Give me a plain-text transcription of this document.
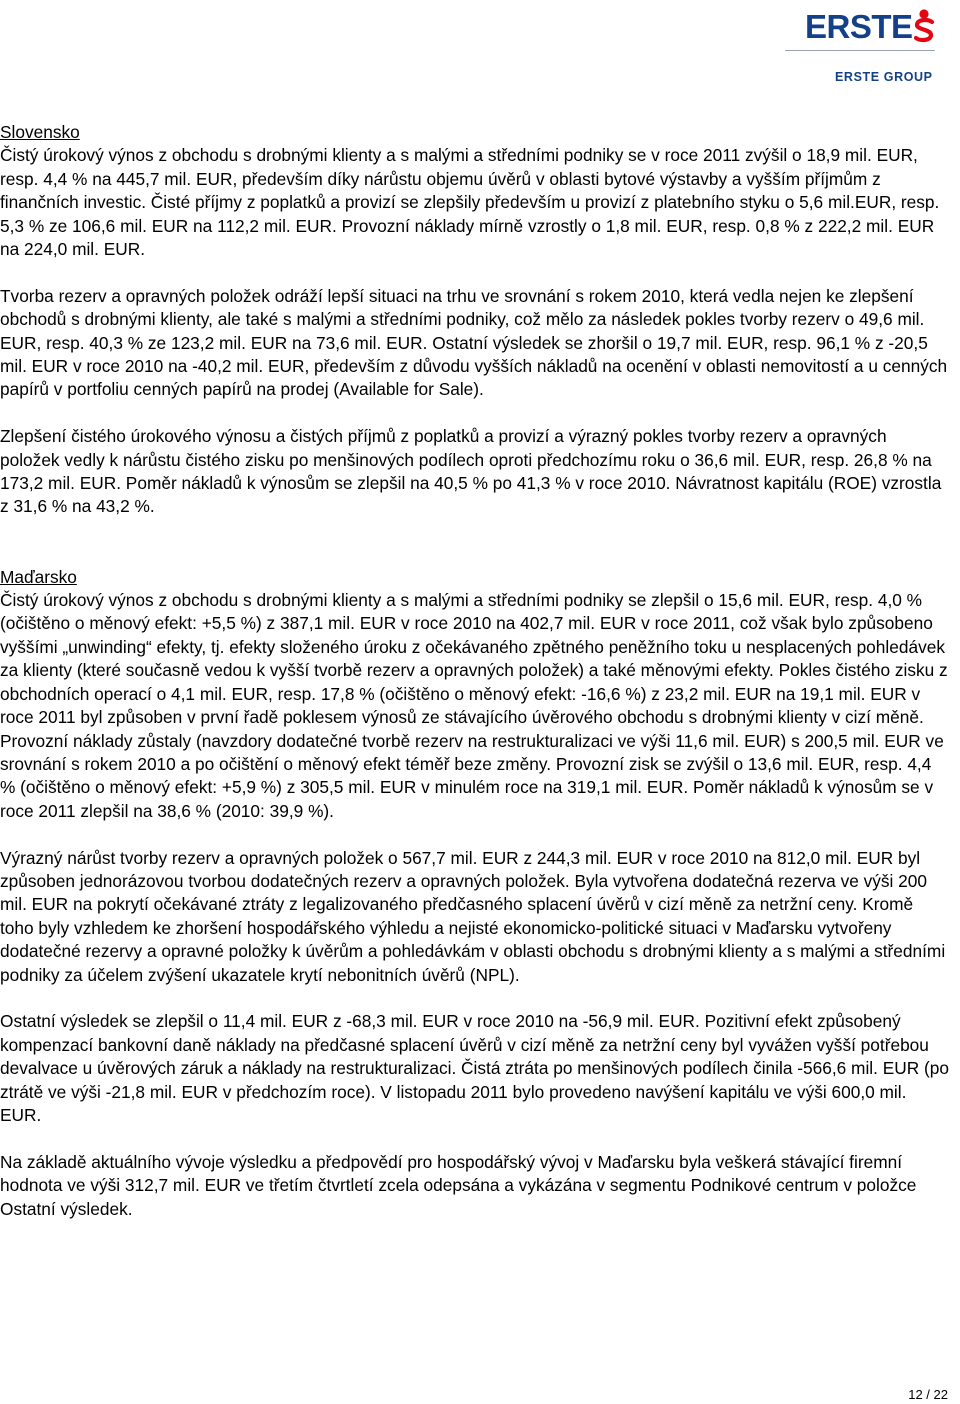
ERSTE
ERSTE GROUP
Slovensko

Čistý úrokový výnos z obchodu s drobnými klienty a s malými a středními podniky se v roce 2011 zvýšil o 18,9 mil. EUR, resp. 4,4 % na 445,7 mil. EUR, především díky nárůstu objemu úvěrů v oblasti bytové výstavby a vyšším příjmům z finančních investic. Čisté příjmy z poplatků a provizí se zlepšily především u provizí z platebního styku o 5,6 mil.EUR, resp. 5,3 % ze 106,6 mil. EUR na 112,2 mil. EUR. Provozní náklady mírně vzrostly o 1,8 mil. EUR, resp. 0,8 % z 222,2 mil. EUR na 224,0 mil. EUR.

Tvorba rezerv a opravných položek odráží lepší situaci na trhu ve srovnání s rokem 2010, která vedla nejen ke zlepšení obchodů s drobnými klienty, ale také s malými a středními podniky, což mělo za následek pokles tvorby rezerv o 49,6 mil. EUR, resp. 40,3 % ze 123,2 mil. EUR na 73,6 mil. EUR. Ostatní výsledek se zhoršil o 19,7 mil. EUR, resp. 96,1 % z -20,5 mil. EUR v roce 2010 na -40,2 mil. EUR, především z důvodu vyšších nákladů na ocenění v oblasti nemovitostí a u cenných papírů v portfoliu cenných papírů na prodej (Available for Sale).

Zlepšení čistého úrokového výnosu a čistých příjmů z poplatků a provizí a výrazný pokles tvorby rezerv a opravných položek vedly k nárůstu čistého zisku po menšinových podílech oproti předchozímu roku o 36,6 mil. EUR, resp. 26,8 % na 173,2 mil. EUR. Poměr nákladů k výnosům se zlepšil na 40,5 % po 41,3 % v roce 2010. Návratnost kapitálu (ROE) vzrostla z 31,6 % na 43,2 %.

Maďarsko

Čistý úrokový výnos z obchodu s drobnými klienty a s malými a středními podniky se zlepšil o 15,6 mil. EUR, resp. 4,0 % (očištěno o měnový efekt: +5,5 %) z 387,1 mil. EUR v roce 2010 na 402,7 mil. EUR v roce 2011, což však bylo způsobeno vyššími „unwinding“ efekty, tj. efekty složeného úroku z očekávaného zpětného peněžního toku u nesplacených pohledávek za klienty (které současně vedou k vyšší tvorbě rezerv a opravných položek) a také měnovými efekty. Pokles čistého zisku z obchodních operací o 4,1 mil. EUR, resp. 17,8 % (očištěno o měnový efekt: -16,6 %) z 23,2 mil. EUR na 19,1 mil. EUR v roce 2011 byl způsoben v první řadě poklesem výnosů ze stávajícího úvěrového obchodu s drobnými klienty v cizí měně. Provozní náklady zůstaly (navzdory dodatečné tvorbě rezerv na restrukturalizaci ve výši 11,6 mil. EUR) s 200,5 mil. EUR ve srovnání s rokem 2010 a po očištění o měnový efekt téměř beze změny. Provozní zisk se zvýšil o 13,6 mil. EUR, resp. 4,4 % (očištěno o měnový efekt: +5,9 %) z 305,5 mil. EUR v minulém roce na 319,1 mil. EUR. Poměr nákladů k výnosům se v roce 2011 zlepšil na 38,6 % (2010: 39,9 %).

Výrazný nárůst tvorby rezerv a opravných položek o 567,7 mil. EUR z 244,3 mil. EUR v roce 2010 na 812,0 mil. EUR byl způsoben jednorázovou tvorbou dodatečných rezerv a opravných položek. Byla vytvořena dodatečná rezerva ve výši 200 mil. EUR na pokrytí očekávané ztráty z legalizovaného předčasného splacení úvěrů v cizí měně za netržní ceny. Kromě toho byly vzhledem ke zhoršení hospodářského výhledu a nejisté ekonomicko-politické situaci v Maďarsku vytvořeny dodatečné rezervy a opravné položky k úvěrům a pohledávkám v oblasti obchodu s drobnými klienty a s malými a středními podniky za účelem zvýšení ukazatele krytí nebonitních úvěrů (NPL).

Ostatní výsledek se zlepšil o 11,4 mil. EUR z -68,3 mil. EUR v roce 2010 na -56,9 mil. EUR. Pozitivní efekt způsobený kompenzací bankovní daně náklady na předčasné splacení úvěrů v cizí měně za netržní ceny byl vyvážen vyšší potřebou devalvace u úvěrových záruk a náklady na restrukturalizaci. Čistá ztráta po menšinových podílech činila -566,6 mil. EUR (po ztrátě ve výši -21,8 mil. EUR v předchozím roce). V listopadu 2011 bylo provedeno navýšení kapitálu ve výši 600,0 mil. EUR.

Na základě aktuálního vývoje výsledku a předpovědí pro hospodářský vývoj v Maďarsku byla veškerá stávající firemní hodnota ve výši 312,7 mil. EUR ve třetím čtvrtletí zcela odepsána a vykázána v segmentu Podnikové centrum v položce Ostatní výsledek.

12 / 22
